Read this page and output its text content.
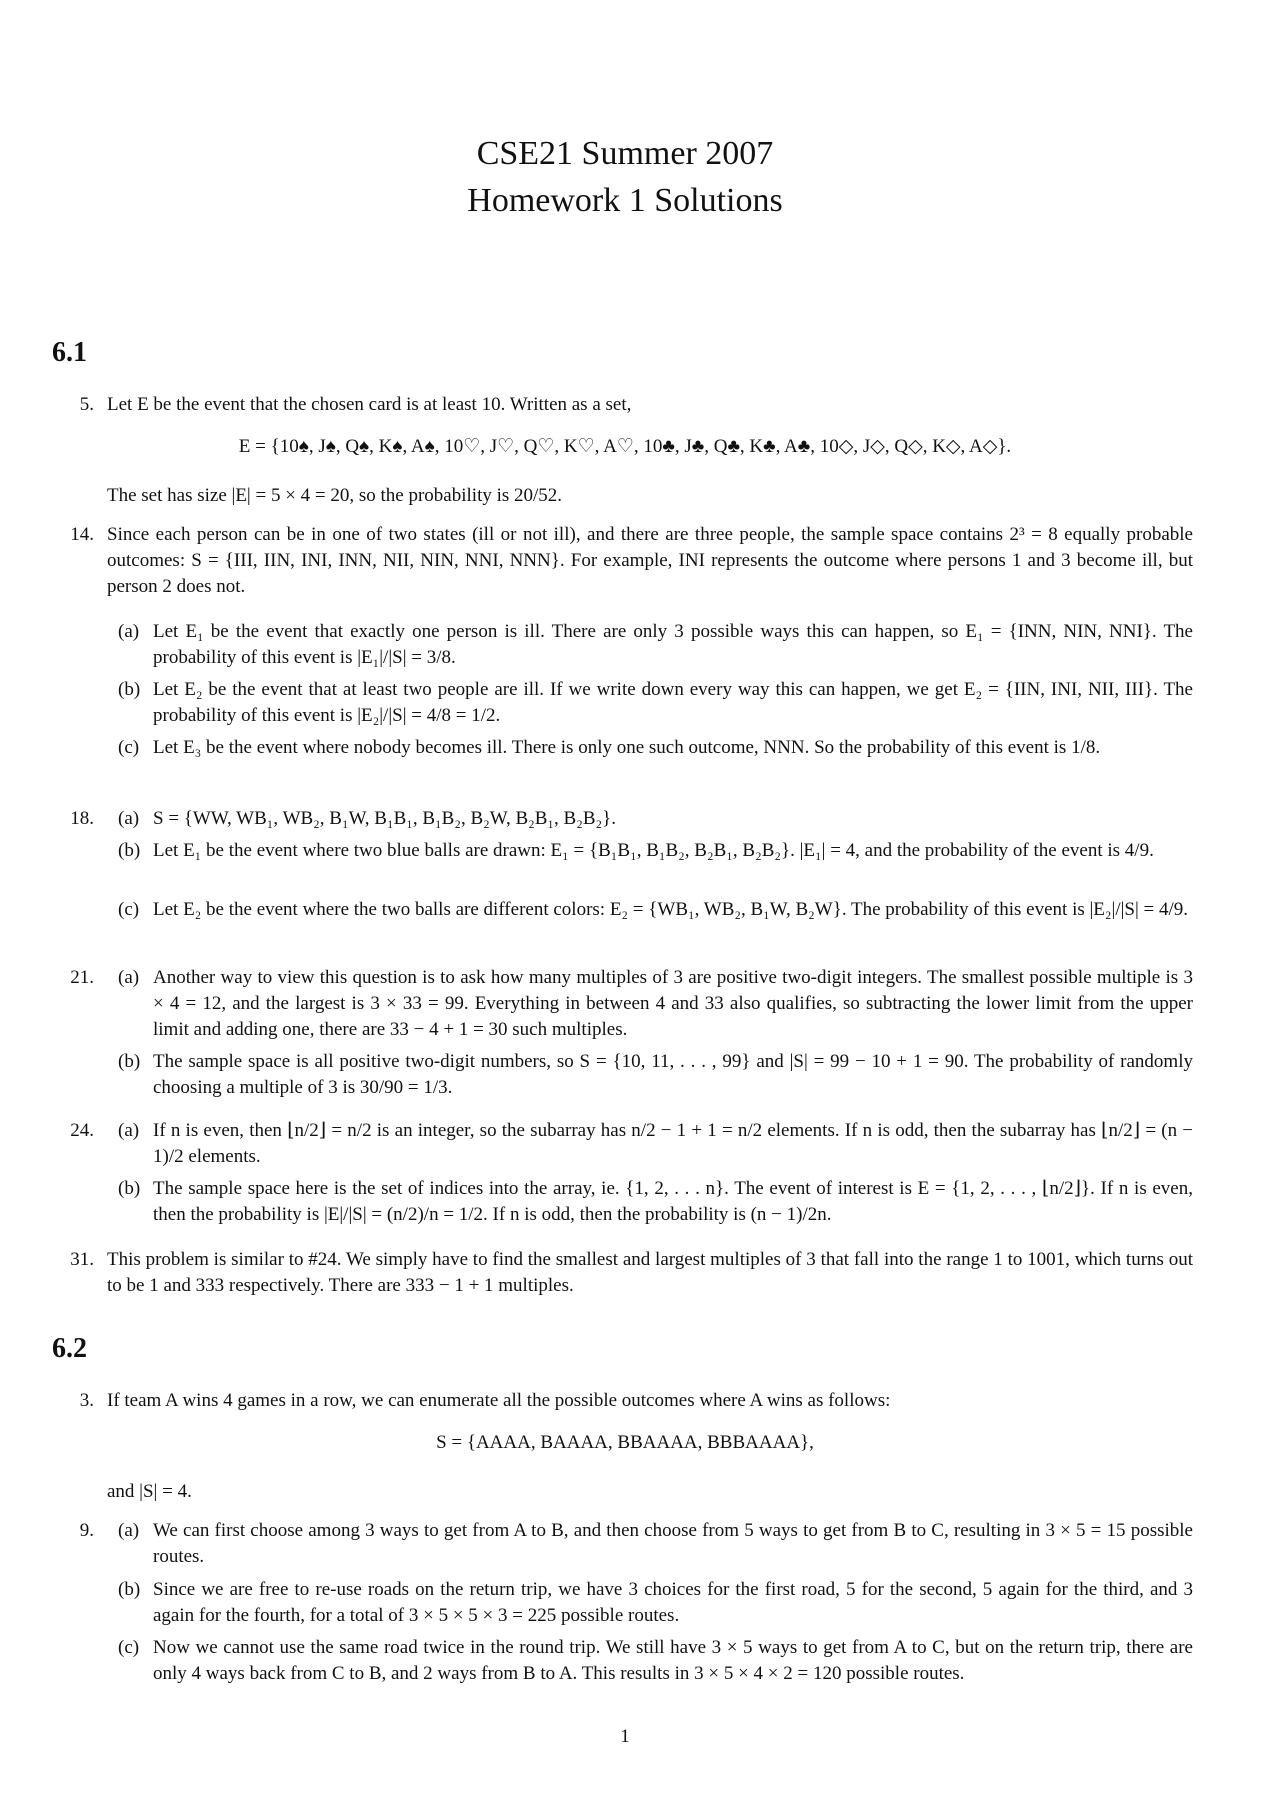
CSE21 Summer 2007
Homework 1 Solutions
6.1
5. Let E be the event that the chosen card is at least 10. Written as a set,
E = {10♠, J♠, Q♠, K♠, A♠, 10♡, J♡, Q♡, K♡, A♡, 10♣, J♣, Q♣, K♣, A♣, 10◇, J◇, Q◇, K◇, A◇}.
The set has size |E| = 5 × 4 = 20, so the probability is 20/52.
14. Since each person can be in one of two states (ill or not ill), and there are three people, the sample space contains 2³ = 8 equally probable outcomes: S = {III, IIN, INI, INN, NII, NIN, NNI, NNN}. For example, INI represents the outcome where persons 1 and 3 become ill, but person 2 does not.
(a) Let E₁ be the event that exactly one person is ill. There are only 3 possible ways this can happen, so E₁ = {INN, NIN, NNI}. The probability of this event is |E₁|/|S| = 3/8.
(b) Let E₂ be the event that at least two people are ill. If we write down every way this can happen, we get E₂ = {IIN, INI, NII, III}. The probability of this event is |E₂|/|S| = 4/8 = 1/2.
(c) Let E₃ be the event where nobody becomes ill. There is only one such outcome, NNN. So the probability of this event is 1/8.
18. (a) S = {WW, WB₁, WB₂, B₁W, B₁B₁, B₁B₂, B₂W, B₂B₁, B₂B₂}.
(b) Let E₁ be the event where two blue balls are drawn: E₁ = {B₁B₁, B₁B₂, B₂B₁, B₂B₂}. |E₁| = 4, and the probability of the event is 4/9.
(c) Let E₂ be the event where the two balls are different colors: E₂ = {WB₁, WB₂, B₁W, B₂W}. The probability of this event is |E₂|/|S| = 4/9.
21. (a) Another way to view this question is to ask how many multiples of 3 are positive two-digit integers. The smallest possible multiple is 3 × 4 = 12, and the largest is 3 × 33 = 99. Everything in between 4 and 33 also qualifies, so subtracting the lower limit from the upper limit and adding one, there are 33 − 4 + 1 = 30 such multiples.
(b) The sample space is all positive two-digit numbers, so S = {10, 11, . . . , 99} and |S| = 99 − 10 + 1 = 90. The probability of randomly choosing a multiple of 3 is 30/90 = 1/3.
24. (a) If n is even, then ⌊n/2⌋ = n/2 is an integer, so the subarray has n/2 − 1 + 1 = n/2 elements. If n is odd, then the subarray has ⌊n/2⌋ = (n − 1)/2 elements.
(b) The sample space here is the set of indices into the array, ie. {1, 2, . . . n}. The event of interest is E = {1, 2, . . . , ⌊n/2⌋}. If n is even, then the probability is |E|/|S| = (n/2)/n = 1/2. If n is odd, then the probability is (n − 1)/2n.
31. This problem is similar to #24. We simply have to find the smallest and largest multiples of 3 that fall into the range 1 to 1001, which turns out to be 1 and 333 respectively. There are 333 − 1 + 1 multiples.
6.2
3. If team A wins 4 games in a row, we can enumerate all the possible outcomes where A wins as follows:
S = {AAAA, BAAAA, BBAAAA, BBBAAAA},
and |S| = 4.
9. (a) We can first choose among 3 ways to get from A to B, and then choose from 5 ways to get from B to C, resulting in 3 × 5 = 15 possible routes.
(b) Since we are free to re-use roads on the return trip, we have 3 choices for the first road, 5 for the second, 5 again for the third, and 3 again for the fourth, for a total of 3 × 5 × 5 × 3 = 225 possible routes.
(c) Now we cannot use the same road twice in the round trip. We still have 3 × 5 ways to get from A to C, but on the return trip, there are only 4 ways back from C to B, and 2 ways from B to A. This results in 3 × 5 × 4 × 2 = 120 possible routes.
1
